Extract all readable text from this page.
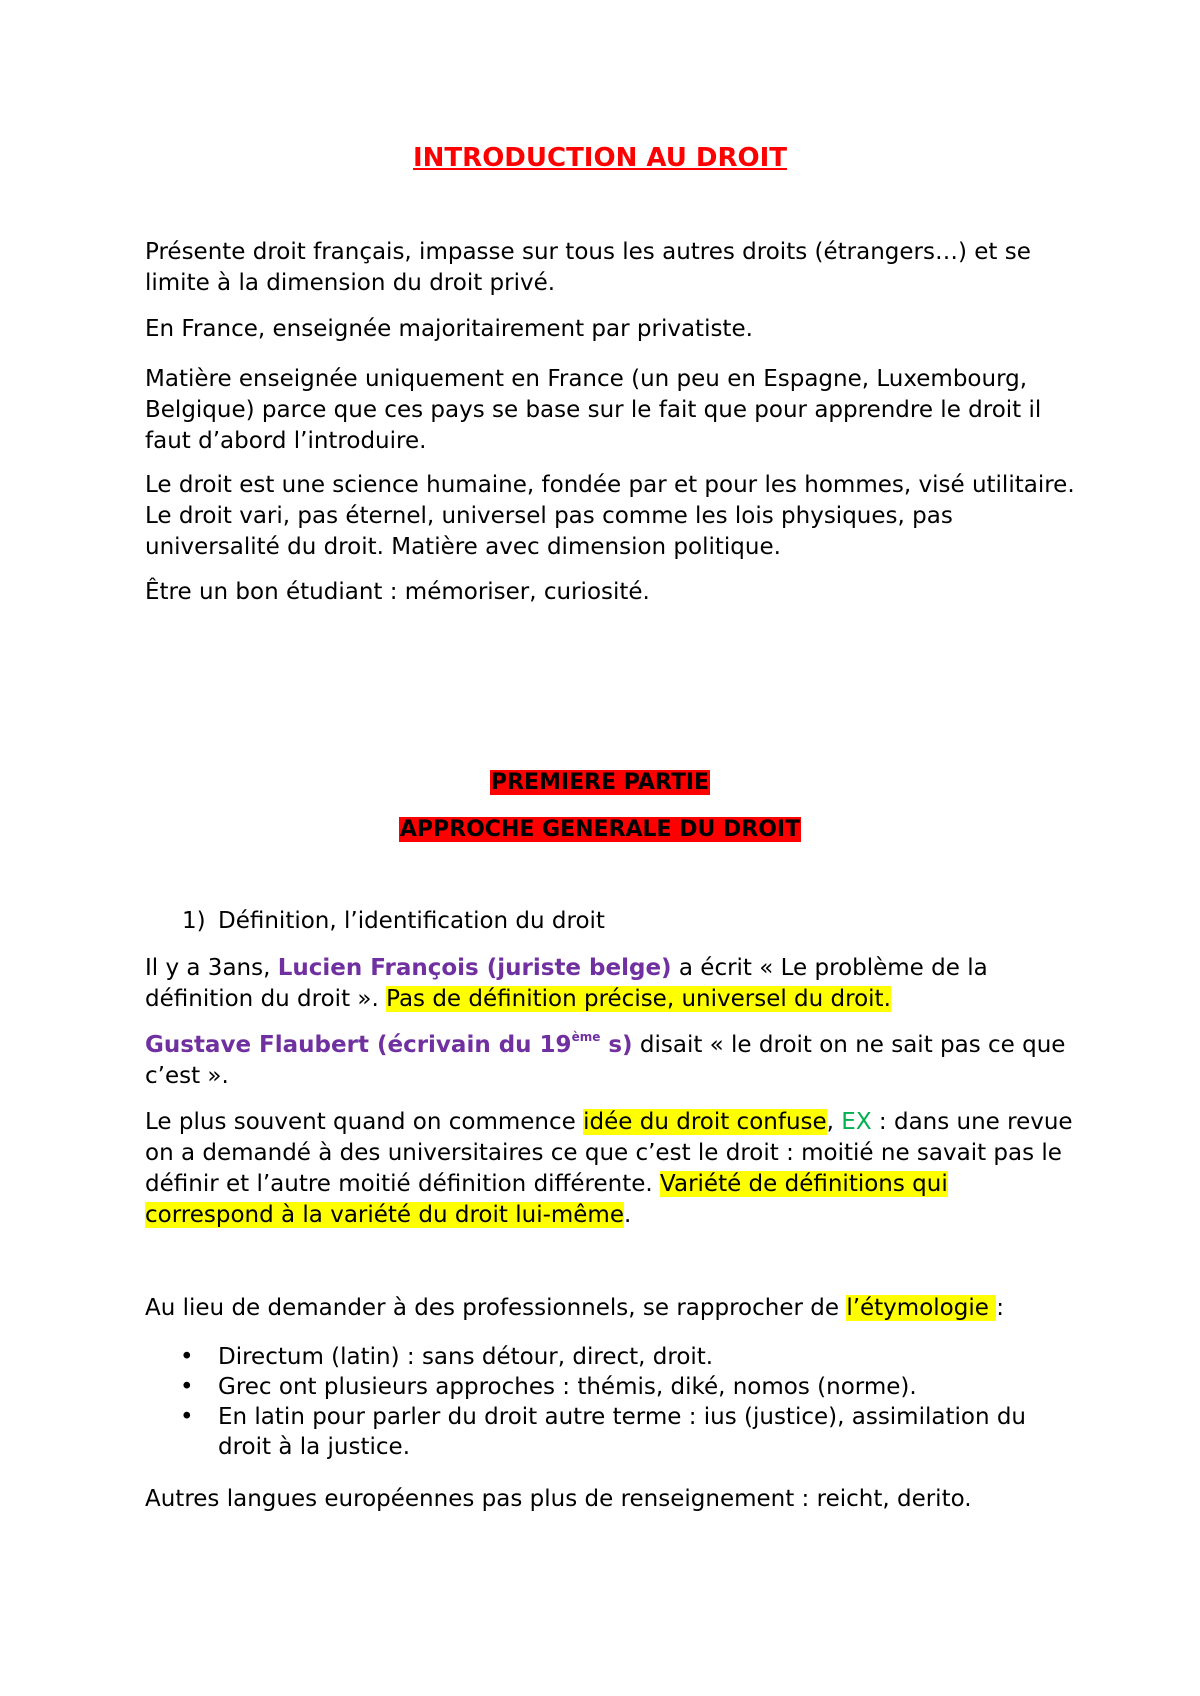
INTRODUCTION AU DROIT

Présente droit français, impasse sur tous les autres droits (étrangers…) et se limite à la dimension du droit privé.

En France, enseignée majoritairement par privatiste.

Matière enseignée uniquement en France (un peu en Espagne, Luxembourg, Belgique) parce que ces pays se base sur le fait que pour apprendre le droit il faut d’abord l’introduire.

Le droit est une science humaine, fondée par et pour les hommes, visé utilitaire. Le droit vari, pas éternel, universel pas comme les lois physiques, pas universalité du droit. Matière avec dimension politique.

Être un bon étudiant : mémoriser, curiosité.

PREMIERE PARTIE
APPROCHE GENERALE DU DROIT
1) Définition, l’identification du droit

Il y a 3ans, Lucien François (juriste belge) a écrit « Le problème de la définition du droit ». Pas de définition précise, universel du droit.

Gustave Flaubert (écrivain du 19ème s) disait « le droit on ne sait pas ce que c’est ».

Le plus souvent quand on commence idée du droit confuse, EX : dans une revue on a demandé à des universitaires ce que c’est le droit : moitié ne savait pas le définir et l’autre moitié définition différente. Variété de définitions qui correspond à la variété du droit lui-même.

Au lieu de demander à des professionnels, se rapprocher de l’étymologie :

• Directum (latin) : sans détour, direct, droit.
• Grec ont plusieurs approches : thémis, diké, nomos (norme).
• En latin pour parler du droit autre terme : ius (justice), assimilation du droit à la justice.

Autres langues européennes pas plus de renseignement : reicht, derito.
